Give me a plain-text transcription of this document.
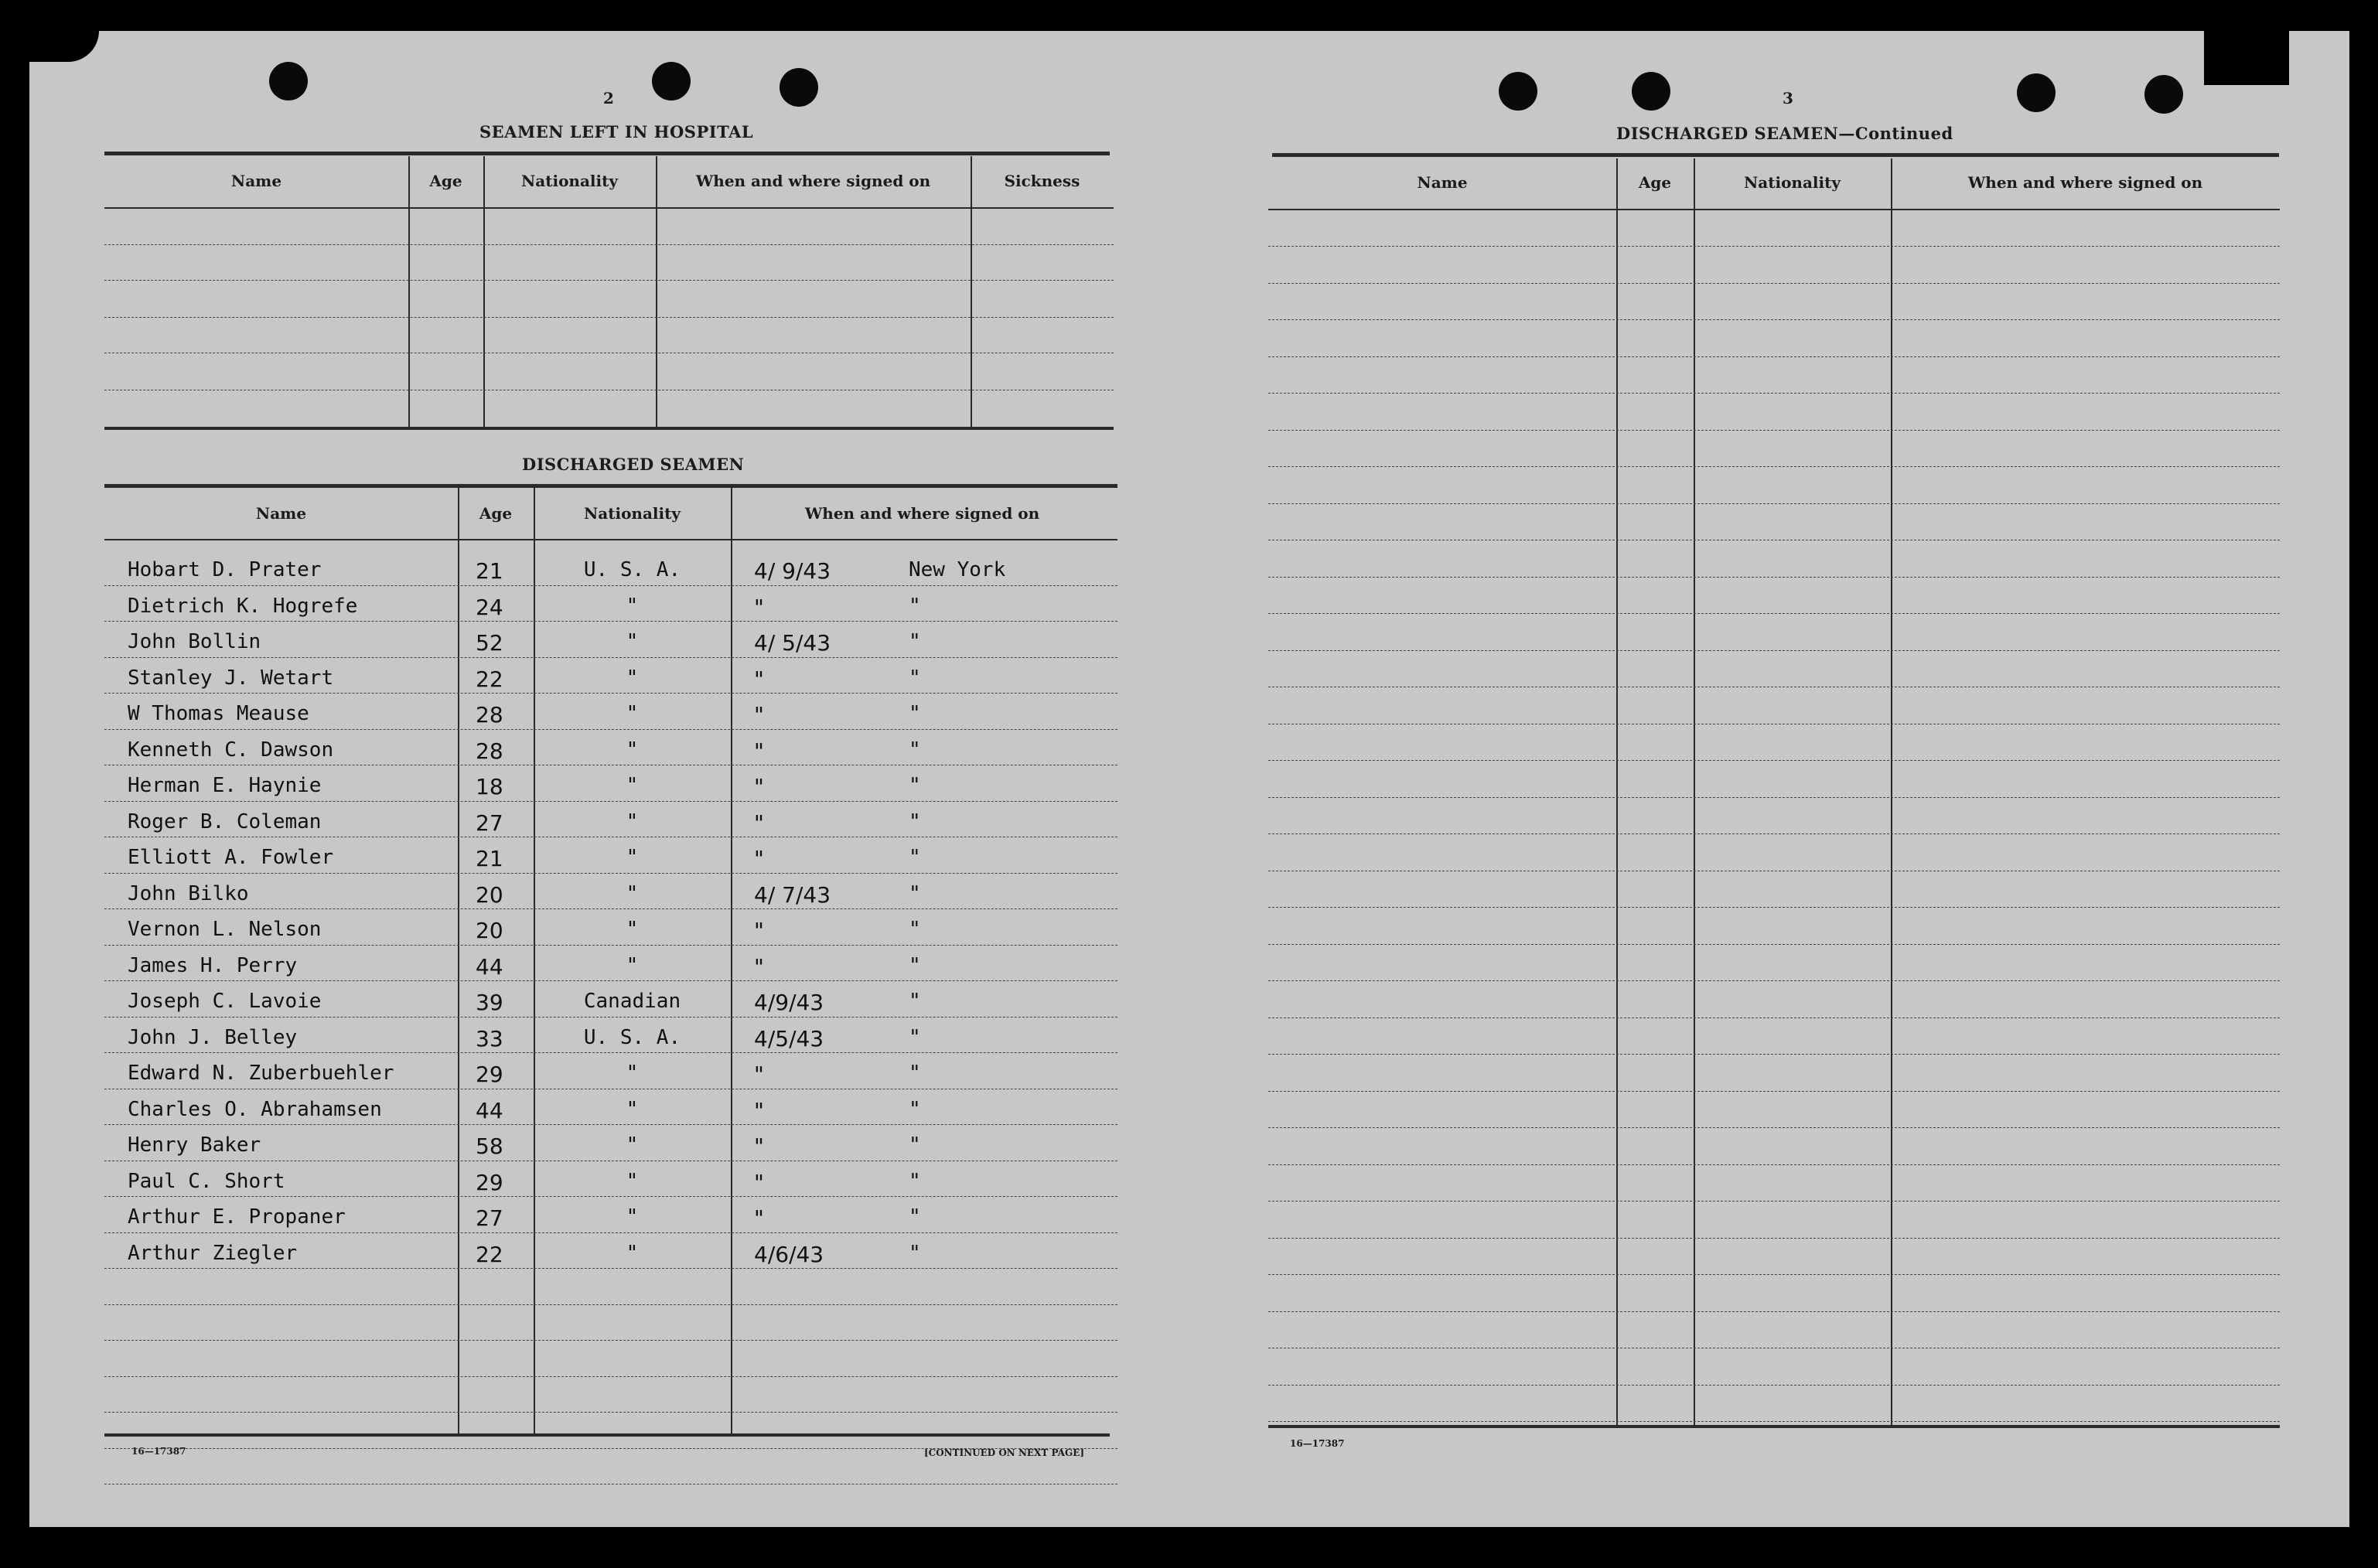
2
SEAMEN LEFT IN HOSPITAL
DISCHARGED SEAMEN
16—17387	[CONTINUED ON NEXT PAGE]
3
DISCHARGED SEAMEN—Continued
16—17387
Name	Age	Nationality	When and where signed on	Sickness
Name	Age	Nationality	When and where signed on
Hobart D. Prater	21	U. S. A.	4/ 9/43	New York
Dietrich K. Hogrefe	24	"	"	"
John Bollin	52	"	4/ 5/43	"
Stanley J. Wetart	22	"	"	"
W Thomas Meause	28	"	"	"
Kenneth C. Dawson	28	"	"	"
Herman E. Haynie	18	"	"	"
Roger B. Coleman	27	"	"	"
Elliott A. Fowler	21	"	"	"
John Bilko	20	"	4/ 7/43	"
Vernon L. Nelson	20	"	"	"
James H. Perry	44	"	"	"
Joseph C. Lavoie	39	Canadian	4/9/43	"
John J. Belley	33	U. S. A.	4/5/43	"
Edward N. Zuberbuehler	29	"	"	"
Charles O. Abrahamsen	44	"	"	"
Henry Baker	58	"	"	"
Paul C. Short	29	"	"	"
Arthur E. Propaner	27	"	"	"
Arthur Ziegler	22	"	4/6/43	"
Name	Age	Nationality	When and where signed on
